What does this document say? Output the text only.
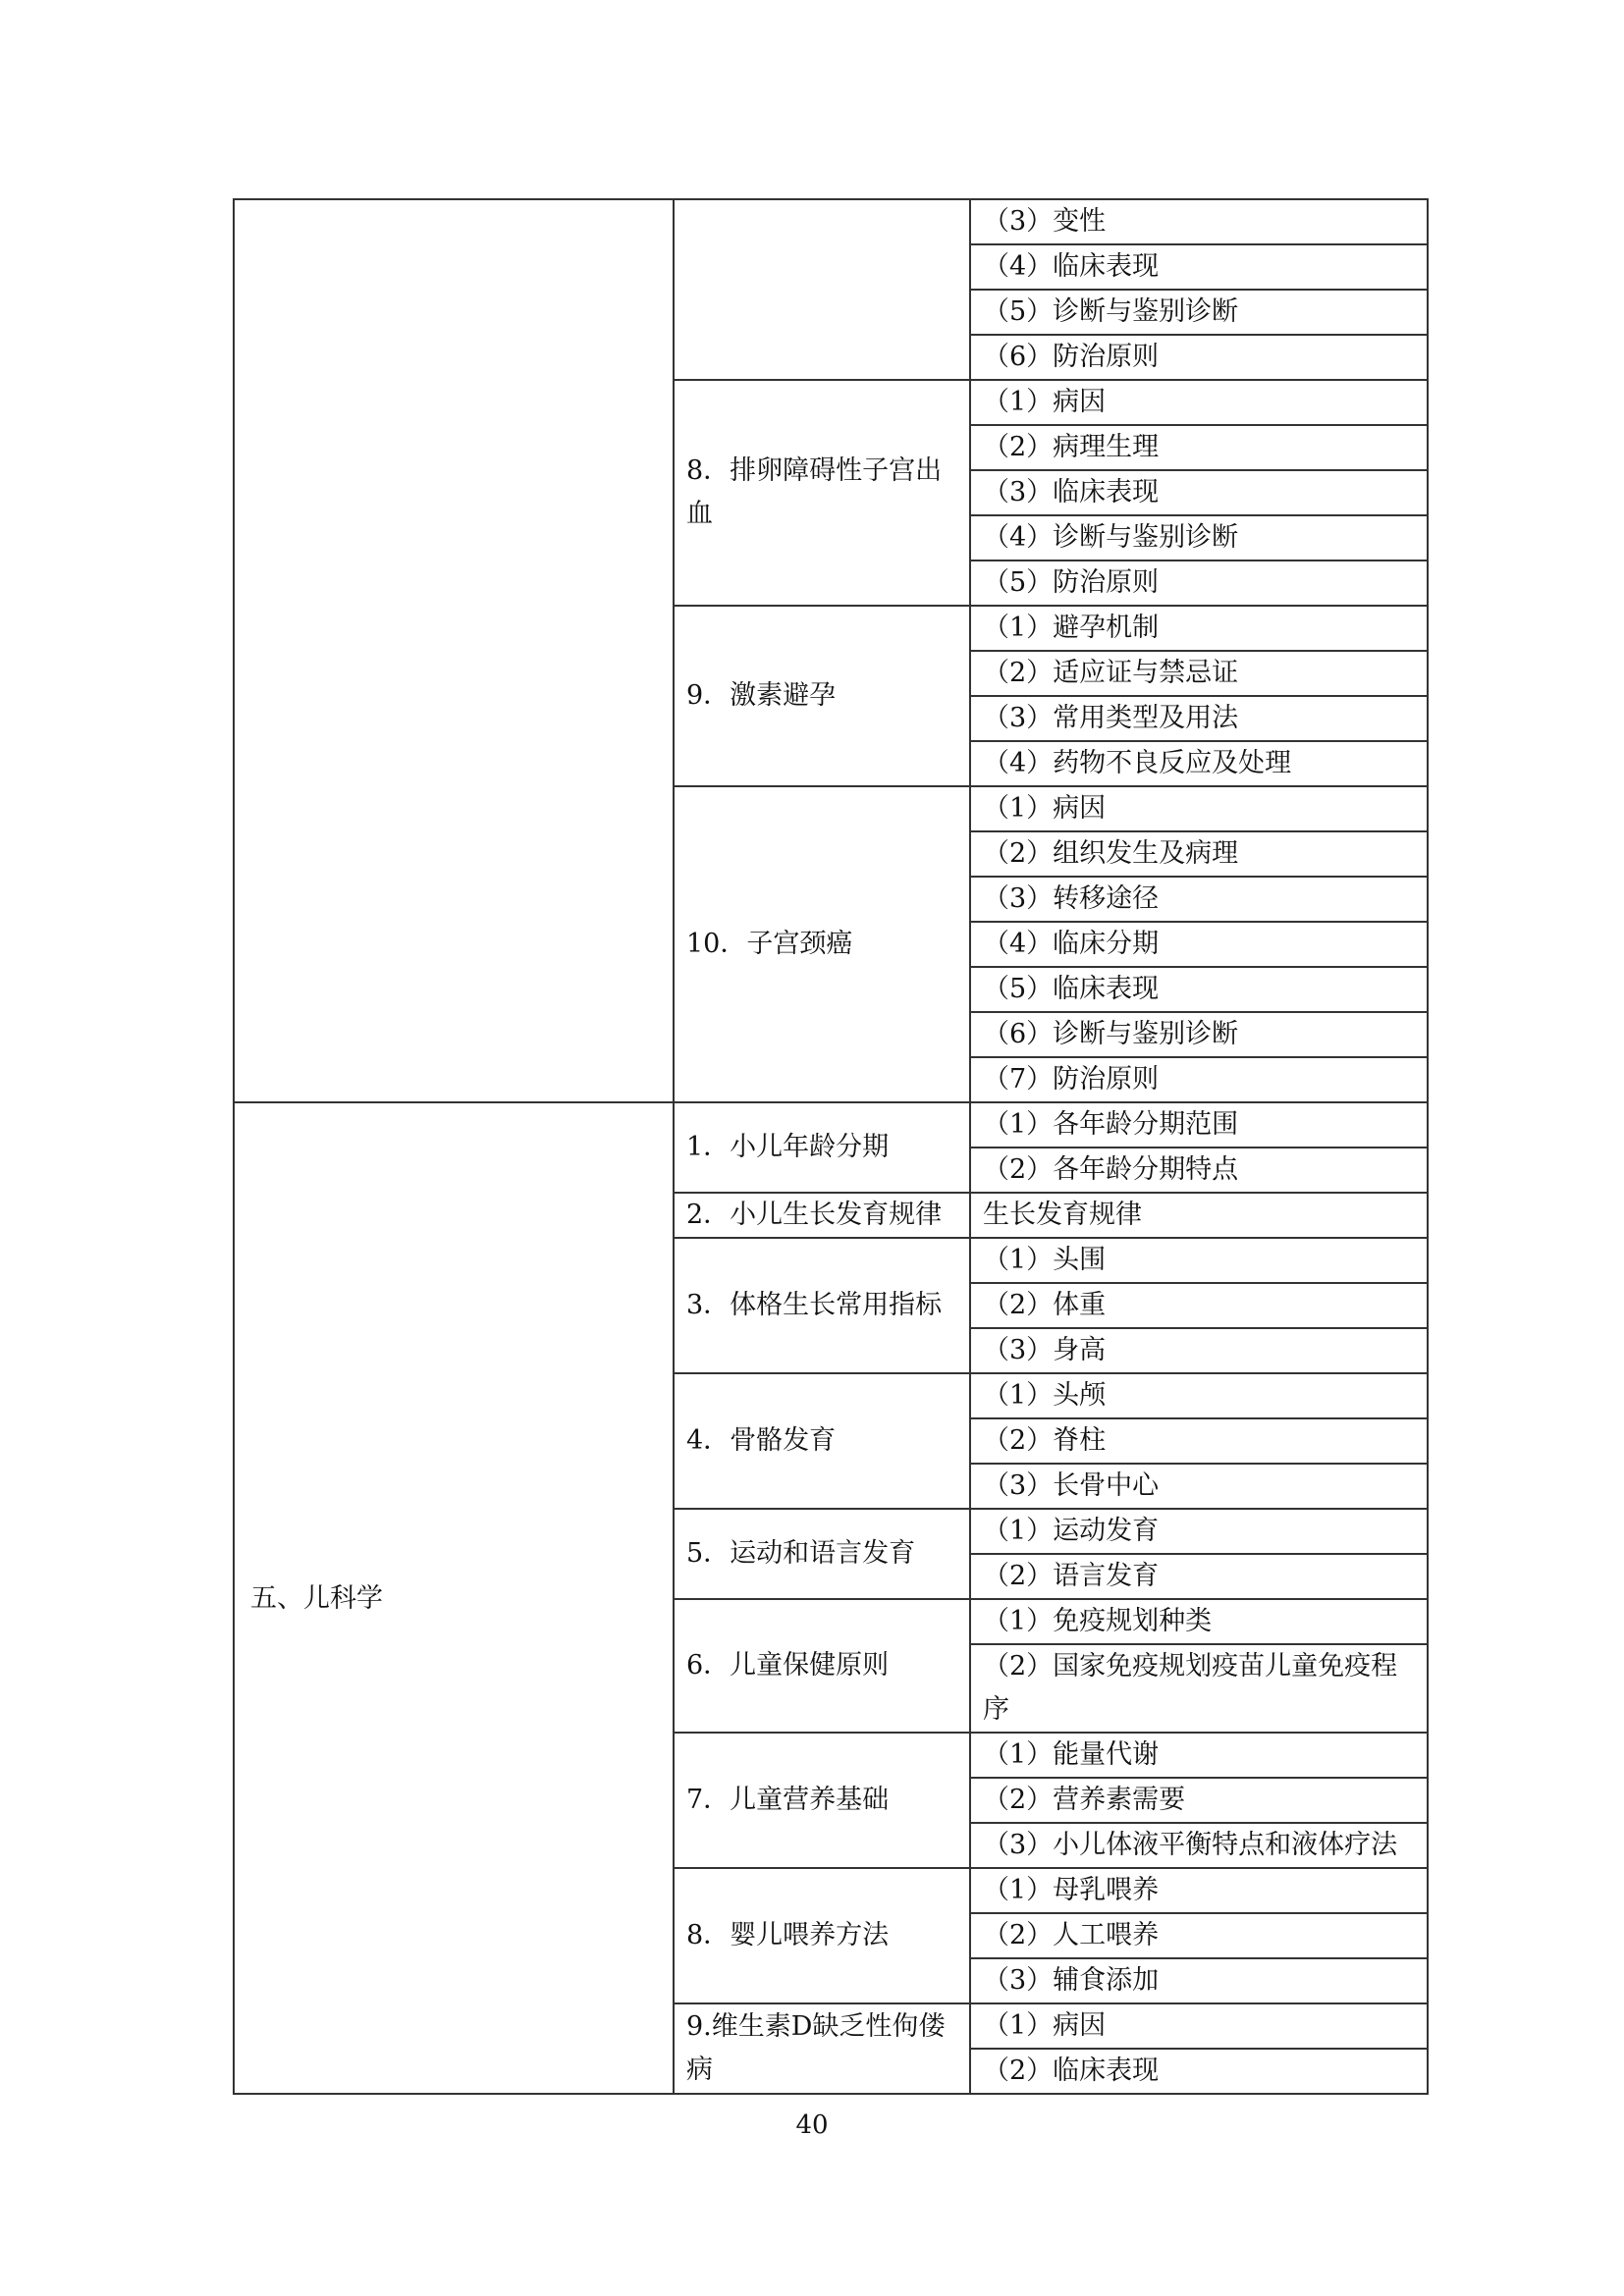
		（3）变性
		（4）临床表现
		（5）诊断与鉴别诊断
		（6）防治原则
	8．排卵障碍性子宫出血	（1）病因
		（2）病理生理
		（3）临床表现
		（4）诊断与鉴别诊断
		（5）防治原则
	9．激素避孕	（1）避孕机制
		（2）适应证与禁忌证
		（3）常用类型及用法
		（4）药物不良反应及处理
	10．子宫颈癌	（1）病因
		（2）组织发生及病理
		（3）转移途径
		（4）临床分期
		（5）临床表现
		（6）诊断与鉴别诊断
		（7）防治原则
五、儿科学	1．小儿年龄分期	（1）各年龄分期范围
		（2）各年龄分期特点
	2．小儿生长发育规律	生长发育规律
	3．体格生长常用指标	（1）头围
		（2）体重
		（3）身高
	4．骨骼发育	（1）头颅
		（2）脊柱
		（3）长骨中心
	5．运动和语言发育	（1）运动发育
		（2）语言发育
	6．儿童保健原则	（1）免疫规划种类
		（2）国家免疫规划疫苗儿童免疫程序
	7．儿童营养基础	（1）能量代谢
		（2）营养素需要
		（3）小儿体液平衡特点和液体疗法
	8．婴儿喂养方法	（1）母乳喂养
		（2）人工喂养
		（3）辅食添加
	9.维生素D缺乏性佝偻病	（1）病因
		（2）临床表现
40
